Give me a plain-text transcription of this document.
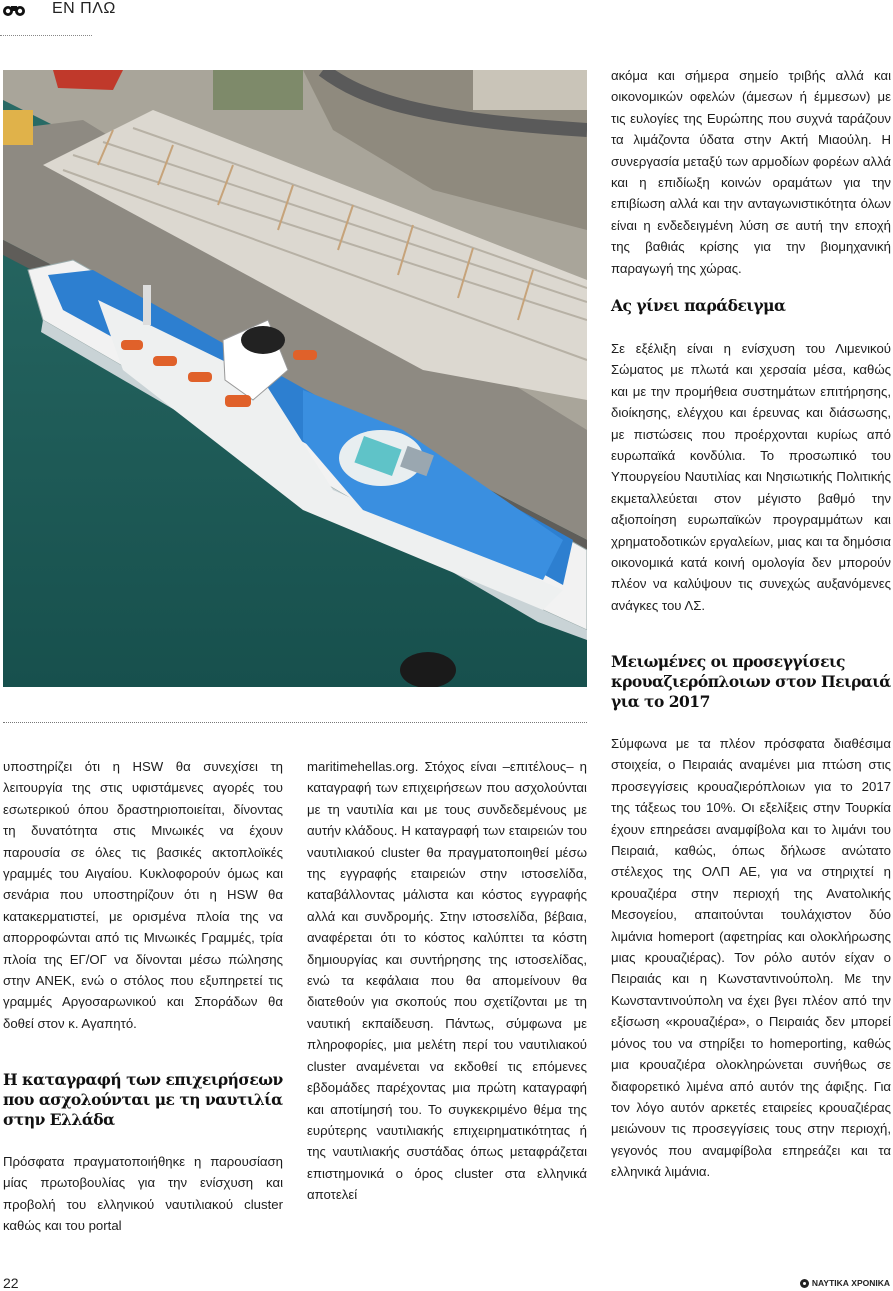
ΕΝ ΠΛΩ

υποστηρίζει ότι η HSW θα συνεχίσει τη λειτουργία της στις υφιστάμενες αγορές του εσωτερικού όπου δραστηριοποιείται, δίνοντας τη δυνατότητα στις Μινωικές να έχουν παρουσία σε όλες τις βασικές ακτοπλοϊκές γραμμές του Αιγαίου. Κυκλοφορούν όμως και σενάρια που υποστηρίζουν ότι η HSW θα κατακερματιστεί, με ορισμένα πλοία της να απορροφώνται από τις Μινωικές Γραμμές, τρία πλοία της ΕΓ/ΟΓ να δίνονται μέσω πώλησης στην ΑΝΕΚ, ενώ ο στόλος που εξυπηρετεί τις γραμμές Αργοσαρωνικού και Σποράδων θα δοθεί στον κ. Αγαπητό.

Η καταγραφή των επιχειρήσεων που ασχολούνται με τη ναυτιλία στην Ελλάδα

Πρόσφατα πραγματοποιήθηκε η παρουσίαση μίας πρωτοβουλίας για την ενίσχυση και προβολή του ελληνικού ναυτιλιακού cluster καθώς και του portal

maritimehellas.org. Στόχος είναι –επιτέλους– η καταγραφή των επιχειρήσεων που ασχολούνται με τη ναυτιλία και με τους συνδεδεμένους με αυτήν κλάδους. Η καταγραφή των εταιρειών του ναυτιλιακού cluster θα πραγματοποιηθεί μέσω της εγγραφής εταιρειών στην ιστοσελίδα, καταβάλλοντας μάλιστα και κόστος εγγραφής αλλά και συνδρομής. Στην ιστοσελίδα, βέβαια, αναφέρεται ότι το κόστος καλύπτει τα κόστη δημιουργίας και συντήρησης της ιστοσελίδας, ενώ τα κεφάλαια που θα απομείνουν θα διατεθούν για σκοπούς που σχετίζονται με τη ναυτική εκπαίδευση. Πάντως, σύμφωνα με πληροφορίες, μια μελέτη περί του ναυτιλιακού cluster αναμένεται να εκδοθεί τις επόμενες εβδομάδες παρέχοντας μια πρώτη καταγραφή και αποτίμησή του. Το συγκεκριμένο θέμα της ευρύτερης ναυτιλιακής επιχειρηματικότητας ή της ναυτιλιακής συστάδας όπως μεταφράζεται επιστημονικά ο όρος cluster στα ελληνικά αποτελεί

ακόμα και σήμερα σημείο τριβής αλλά και οικονομικών οφελών (άμεσων ή έμμεσων) με τις ευλογίες της Ευρώπης που συχνά ταράζουν τα λιμάζοντα ύδατα στην Ακτή Μιαούλη. Η συνεργασία μεταξύ των αρμοδίων φορέων αλλά και η επιδίωξη κοινών οραμάτων για την επιβίωση αλλά και την ανταγωνιστικότητα όλων είναι η ενδεδειγμένη λύση σε αυτή την εποχή της βαθιάς κρίσης για την βιομηχανική παραγωγή της χώρας.

Ας γίνει παράδειγμα

Σε εξέλιξη είναι η ενίσχυση του Λιμενικού Σώματος με πλωτά και χερσαία μέσα, καθώς και με την προμήθεια συστημάτων επιτήρησης, διοίκησης, ελέγχου και έρευνας και διάσωσης, με πιστώσεις που προέρχονται κυρίως από ευρωπαϊκά κονδύλια. Το προσωπικό του Υπουργείου Ναυτιλίας και Νησιωτικής Πολιτικής εκμεταλλεύεται στον μέγιστο βαθμό την αξιοποίηση ευρωπαϊκών προγραμμάτων και χρηματοδοτικών εργαλείων, μιας και τα δημόσια οικονομικά κατά κοινή ομολογία δεν μπορούν πλέον να καλύψουν τις συνεχώς αυξανόμενες ανάγκες του ΛΣ.

Μειωμένες οι προσεγγίσεις κρουαζιερόπλοιων στον Πειραιά για το 2017

Σύμφωνα με τα πλέον πρόσφατα διαθέσιμα στοιχεία, ο Πειραιάς αναμένει μια πτώση στις προσεγγίσεις κρουαζιερόπλοιων για το 2017 της τάξεως του 10%. Οι εξελίξεις στην Τουρκία έχουν επηρεάσει αναμφίβολα και το λιμάνι του Πειραιά, καθώς, όπως δήλωσε ανώτατο στέλεχος της ΟΛΠ ΑΕ, για να στηριχτεί η κρουαζιέρα στην περιοχή της Ανατολικής Μεσογείου, απαιτούνται τουλάχιστον δύο λιμάνια homeport (αφετηρίας και ολοκλήρωσης μιας κρουαζιέρας). Τον ρόλο αυτόν είχαν ο Πειραιάς και η Κωνσταντινούπολη. Με την Κωνσταντινούπολη να έχει βγει πλέον από την εξίσωση «κρουαζιέρα», ο Πειραιάς δεν μπορεί μόνος του να στηρίξει το homeporting, καθώς μια κρουαζιέρα ολοκληρώνεται συνήθως σε διαφορετικό λιμένα από αυτόν της άφιξης. Για τον λόγο αυτόν αρκετές εταιρείες κρουαζιέρας μειώνουν τις προσεγγίσεις τους στην περιοχή, γεγονός που αναμφίβολα επηρεάζει και τα ελληνικά λιμάνια.

22	ΝΑΥΤΙΚΑ ΧΡΟΝΙΚΑ
